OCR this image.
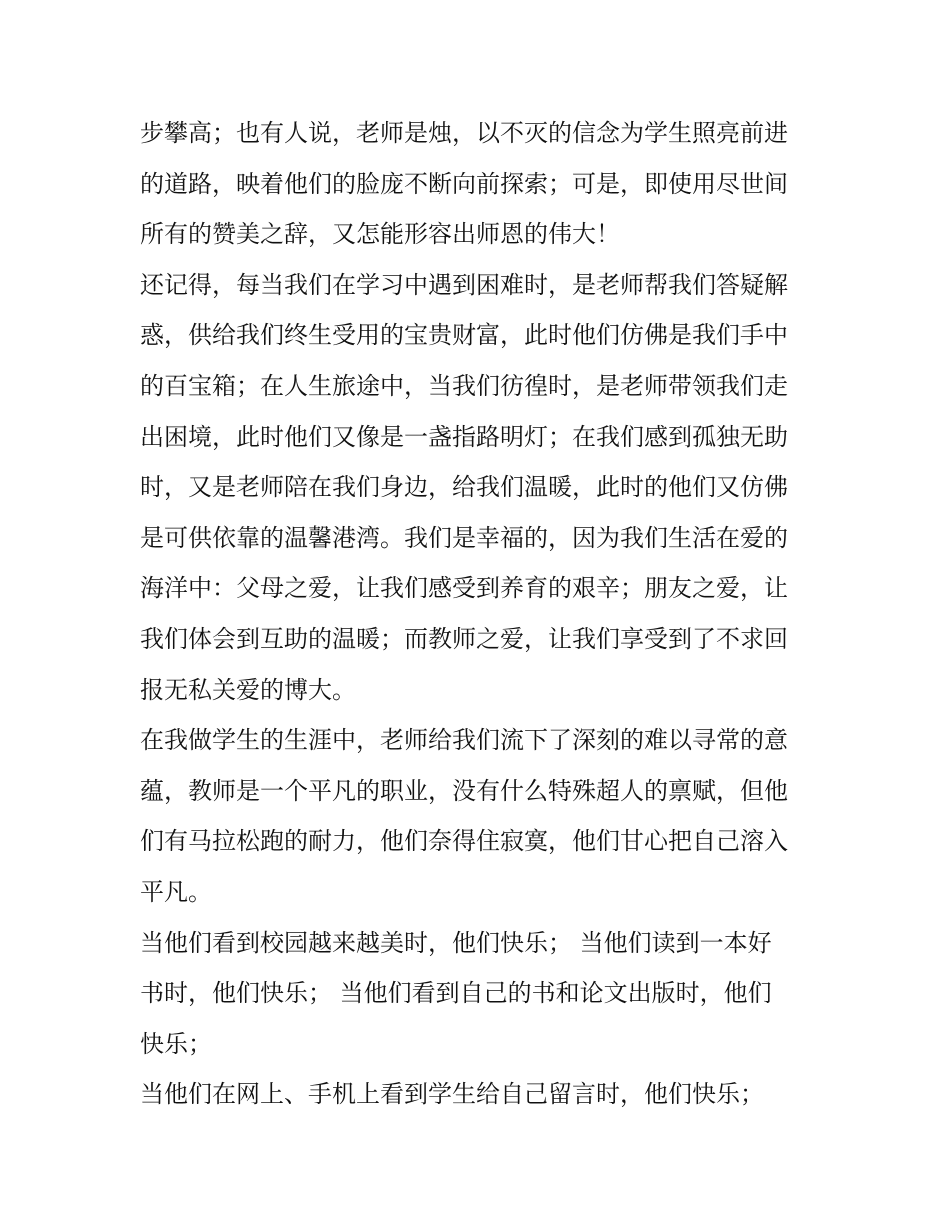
步攀高；也有人说，老师是烛，以不灭的信念为学生照亮前进
的道路，映着他们的脸庞不断向前探索；可是，即使用尽世间
所有的赞美之辞，又怎能形容出师恩的伟大！
还记得，每当我们在学习中遇到困难时，是老师帮我们答疑解
惑，供给我们终生受用的宝贵财富，此时他们仿佛是我们手中
的百宝箱；在人生旅途中，当我们彷徨时，是老师带领我们走
出困境，此时他们又像是一盏指路明灯；在我们感到孤独无助
时，又是老师陪在我们身边，给我们温暖，此时的他们又仿佛
是可供依靠的温馨港湾。我们是幸福的，因为我们生活在爱的
海洋中：父母之爱，让我们感受到养育的艰辛；朋友之爱，让
我们体会到互助的温暖；而教师之爱，让我们享受到了不求回
报无私关爱的博大。
在我做学生的生涯中，老师给我们流下了深刻的难以寻常的意
蕴，教师是一个平凡的职业，没有什么特殊超人的禀赋，但他
们有马拉松跑的耐力，他们奈得住寂寞，他们甘心把自己溶入
平凡。
当他们看到校园越来越美时，他们快乐； 当他们读到一本好
书时，他们快乐； 当他们看到自己的书和论文出版时，他们
快乐；
当他们在网上、手机上看到学生给自己留言时，他们快乐；
